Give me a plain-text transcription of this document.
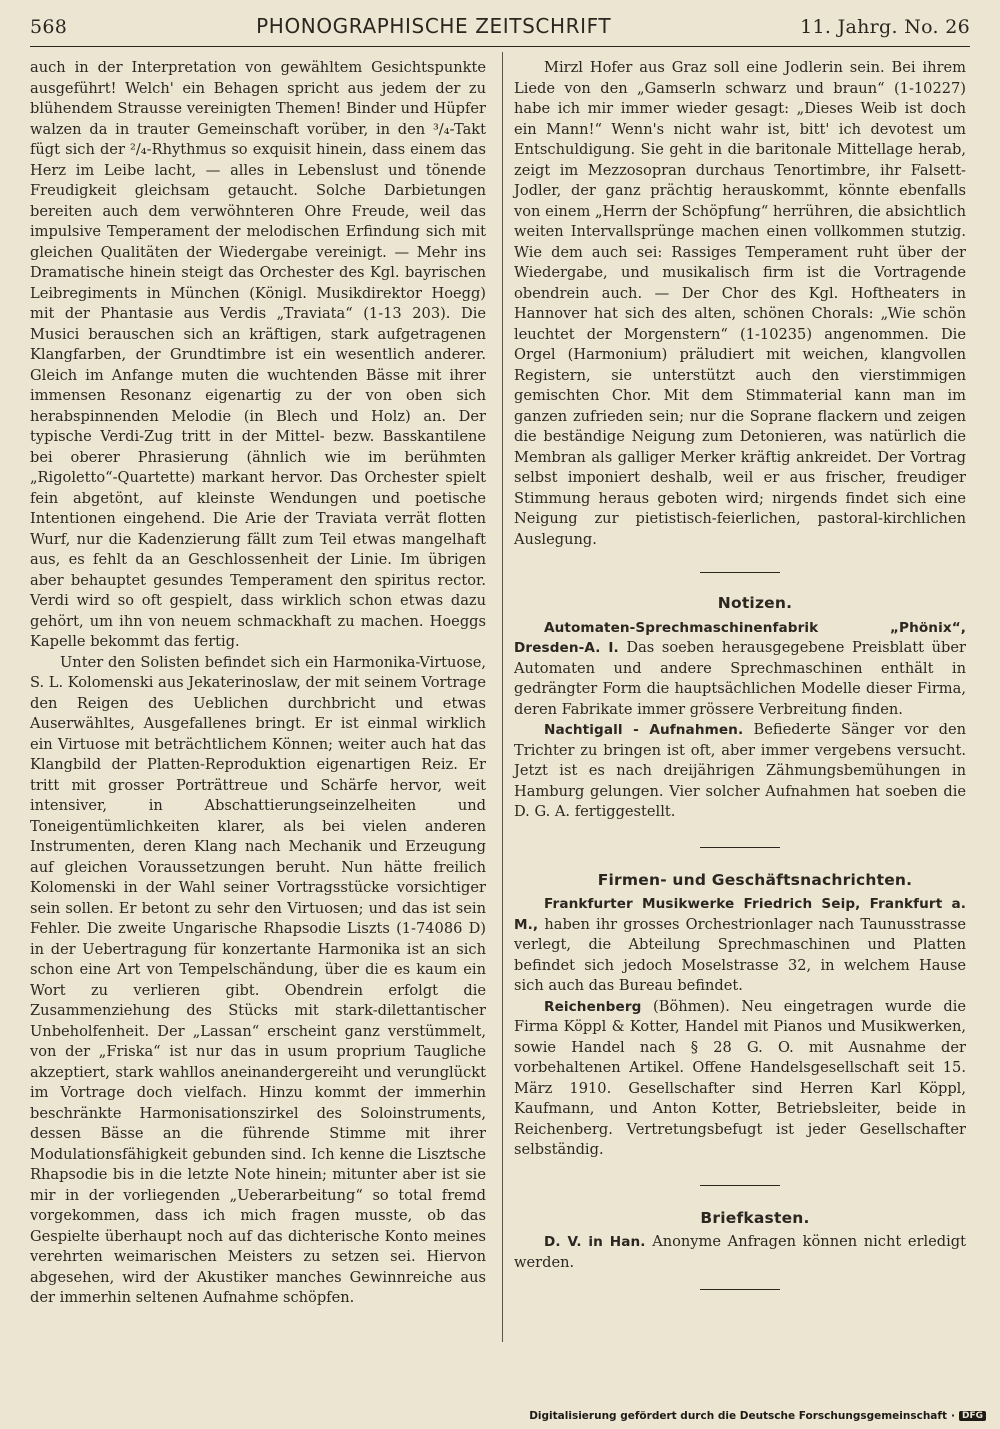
568	PHONOGRAPHISCHE ZEITSCHRIFT	11. Jahrg. No. 26

auch in der Interpretation von gewähltem Gesichtspunkte ausgeführt! Welch' ein Behagen spricht aus jedem der zu blühendem Strausse vereinigten Themen! Binder und Hüpfer walzen da in trauter Gemeinschaft vorüber, in den ³/₄-Takt fügt sich der ²/₄-Rhythmus so exquisit hinein, dass einem das Herz im Leibe lacht, — alles in Lebenslust und tönende Freudigkeit gleichsam getaucht. Solche Darbietungen bereiten auch dem verwöhnteren Ohre Freude, weil das impulsive Temperament der melodischen Erfindung sich mit gleichen Qualitäten der Wiedergabe vereinigt. — Mehr ins Dramatische hinein steigt das Orchester des Kgl. bayrischen Leibregiments in München (Königl. Musikdirektor Hoegg) mit der Phantasie aus Verdis „Traviata“ (1-13 203). Die Musici berauschen sich an kräftigen, stark aufgetragenen Klangfarben, der Grundtimbre ist ein wesentlich anderer. Gleich im Anfange muten die wuchtenden Bässe mit ihrer immensen Resonanz eigenartig zu der von oben sich herabspinnenden Melodie (in Blech und Holz) an. Der typische Verdi-Zug tritt in der Mittel- bezw. Basskantilene bei oberer Phrasierung (ähnlich wie im berühmten „Rigoletto“-Quartette) markant hervor. Das Orchester spielt fein abgetönt, auf kleinste Wendungen und poetische Intentionen eingehend. Die Arie der Traviata verrät flotten Wurf, nur die Kadenzierung fällt zum Teil etwas mangelhaft aus, es fehlt da an Geschlossenheit der Linie. Im übrigen aber behauptet gesundes Temperament den spiritus rector. Verdi wird so oft gespielt, dass wirklich schon etwas dazu gehört, um ihn von neuem schmackhaft zu machen. Hoeggs Kapelle bekommt das fertig.

Unter den Solisten befindet sich ein Harmonika-Virtuose, S. L. Kolomenski aus Jekaterinoslaw, der mit seinem Vortrage den Reigen des Ueblichen durchbricht und etwas Auserwähltes, Ausgefallenes bringt. Er ist einmal wirklich ein Virtuose mit beträchtlichem Können; weiter auch hat das Klangbild der Platten-Reproduktion eigenartigen Reiz. Er tritt mit grosser Porträttreue und Schärfe hervor, weit intensiver, in Abschattierungseinzelheiten und Toneigentümlichkeiten klarer, als bei vielen anderen Instrumenten, deren Klang nach Mechanik und Erzeugung auf gleichen Voraussetzungen beruht. Nun hätte freilich Kolomenski in der Wahl seiner Vortragsstücke vorsichtiger sein sollen. Er betont zu sehr den Virtuosen; und das ist sein Fehler. Die zweite Ungarische Rhapsodie Liszts (1-74086 D) in der Uebertragung für konzertante Harmonika ist an sich schon eine Art von Tempelschändung, über die es kaum ein Wort zu verlieren gibt. Obendrein erfolgt die Zusammenziehung des Stücks mit stark-dilettantischer Unbeholfenheit. Der „Lassan“ erscheint ganz verstümmelt, von der „Friska“ ist nur das in usum proprium Taugliche akzeptiert, stark wahllos aneinandergereiht und verunglückt im Vortrage doch vielfach. Hinzu kommt der immerhin beschränkte Harmonisationszirkel des Soloinstruments, dessen Bässe an die führende Stimme mit ihrer Modulationsfähigkeit gebunden sind. Ich kenne die Lisztsche Rhapsodie bis in die letzte Note hinein; mitunter aber ist sie mir in der vorliegenden „Ueberarbeitung“ so total fremd vorgekommen, dass ich mich fragen musste, ob das Gespielte überhaupt noch auf das dichterische Konto meines verehrten weimarischen Meisters zu setzen sei. Hiervon abgesehen, wird der Akustiker manches Gewinnreiche aus der immerhin seltenen Aufnahme schöpfen.

Mirzl Hofer aus Graz soll eine Jodlerin sein. Bei ihrem Liede von den „Gamserln schwarz und braun“ (1-10227) habe ich mir immer wieder gesagt: „Dieses Weib ist doch ein Mann!“ Wenn's nicht wahr ist, bitt' ich devotest um Entschuldigung. Sie geht in die baritonale Mittellage herab, zeigt im Mezzosopran durchaus Tenortimbre, ihr Falsett-Jodler, der ganz prächtig herauskommt, könnte ebenfalls von einem „Herrn der Schöpfung“ herrühren, die absichtlich weiten Intervallsprünge machen einen vollkommen stutzig. Wie dem auch sei: Rassiges Temperament ruht über der Wiedergabe, und musikalisch firm ist die Vortragende obendrein auch. — Der Chor des Kgl. Hoftheaters in Hannover hat sich des alten, schönen Chorals: „Wie schön leuchtet der Morgenstern“ (1-10235) angenommen. Die Orgel (Harmonium) präludiert mit weichen, klangvollen Registern, sie unterstützt auch den vierstimmigen gemischten Chor. Mit dem Stimmaterial kann man im ganzen zufrieden sein; nur die Soprane flackern und zeigen die beständige Neigung zum Detonieren, was natürlich die Membran als galliger Merker kräftig ankreidet. Der Vortrag selbst imponiert deshalb, weil er aus frischer, freudiger Stimmung heraus geboten wird; nirgends findet sich eine Neigung zur pietistisch-feierlichen, pastoral-kirchlichen Auslegung.

Notizen.

Automaten-Sprechmaschinenfabrik „Phönix“, Dresden-A. I. Das soeben herausgegebene Preisblatt über Automaten und andere Sprechmaschinen enthält in gedrängter Form die hauptsächlichen Modelle dieser Firma, deren Fabrikate immer grössere Verbreitung finden.

Nachtigall - Aufnahmen. Befiederte Sänger vor den Trichter zu bringen ist oft, aber immer vergebens versucht. Jetzt ist es nach dreijährigen Zähmungsbemühungen in Hamburg gelungen. Vier solcher Aufnahmen hat soeben die D. G. A. fertiggestellt.

Firmen- und Geschäftsnachrichten.

Frankfurter Musikwerke Friedrich Seip, Frankfurt a. M., haben ihr grosses Orchestrionlager nach Taunusstrasse verlegt, die Abteilung Sprechmaschinen und Platten befindet sich jedoch Moselstrasse 32, in welchem Hause sich auch das Bureau befindet.

Reichenberg (Böhmen). Neu eingetragen wurde die Firma Köppl & Kotter, Handel mit Pianos und Musikwerken, sowie Handel nach § 28 G. O. mit Ausnahme der vorbehaltenen Artikel. Offene Handelsgesellschaft seit 15. März 1910. Gesellschafter sind Herren Karl Köppl, Kaufmann, und Anton Kotter, Betriebsleiter, beide in Reichenberg. Vertretungsbefugt ist jeder Gesellschafter selbständig.

Briefkasten.

D. V. in Han. Anonyme Anfragen können nicht erledigt werden.

Digitalisierung gefördert durch die Deutsche Forschungsgemeinschaft · DFG
